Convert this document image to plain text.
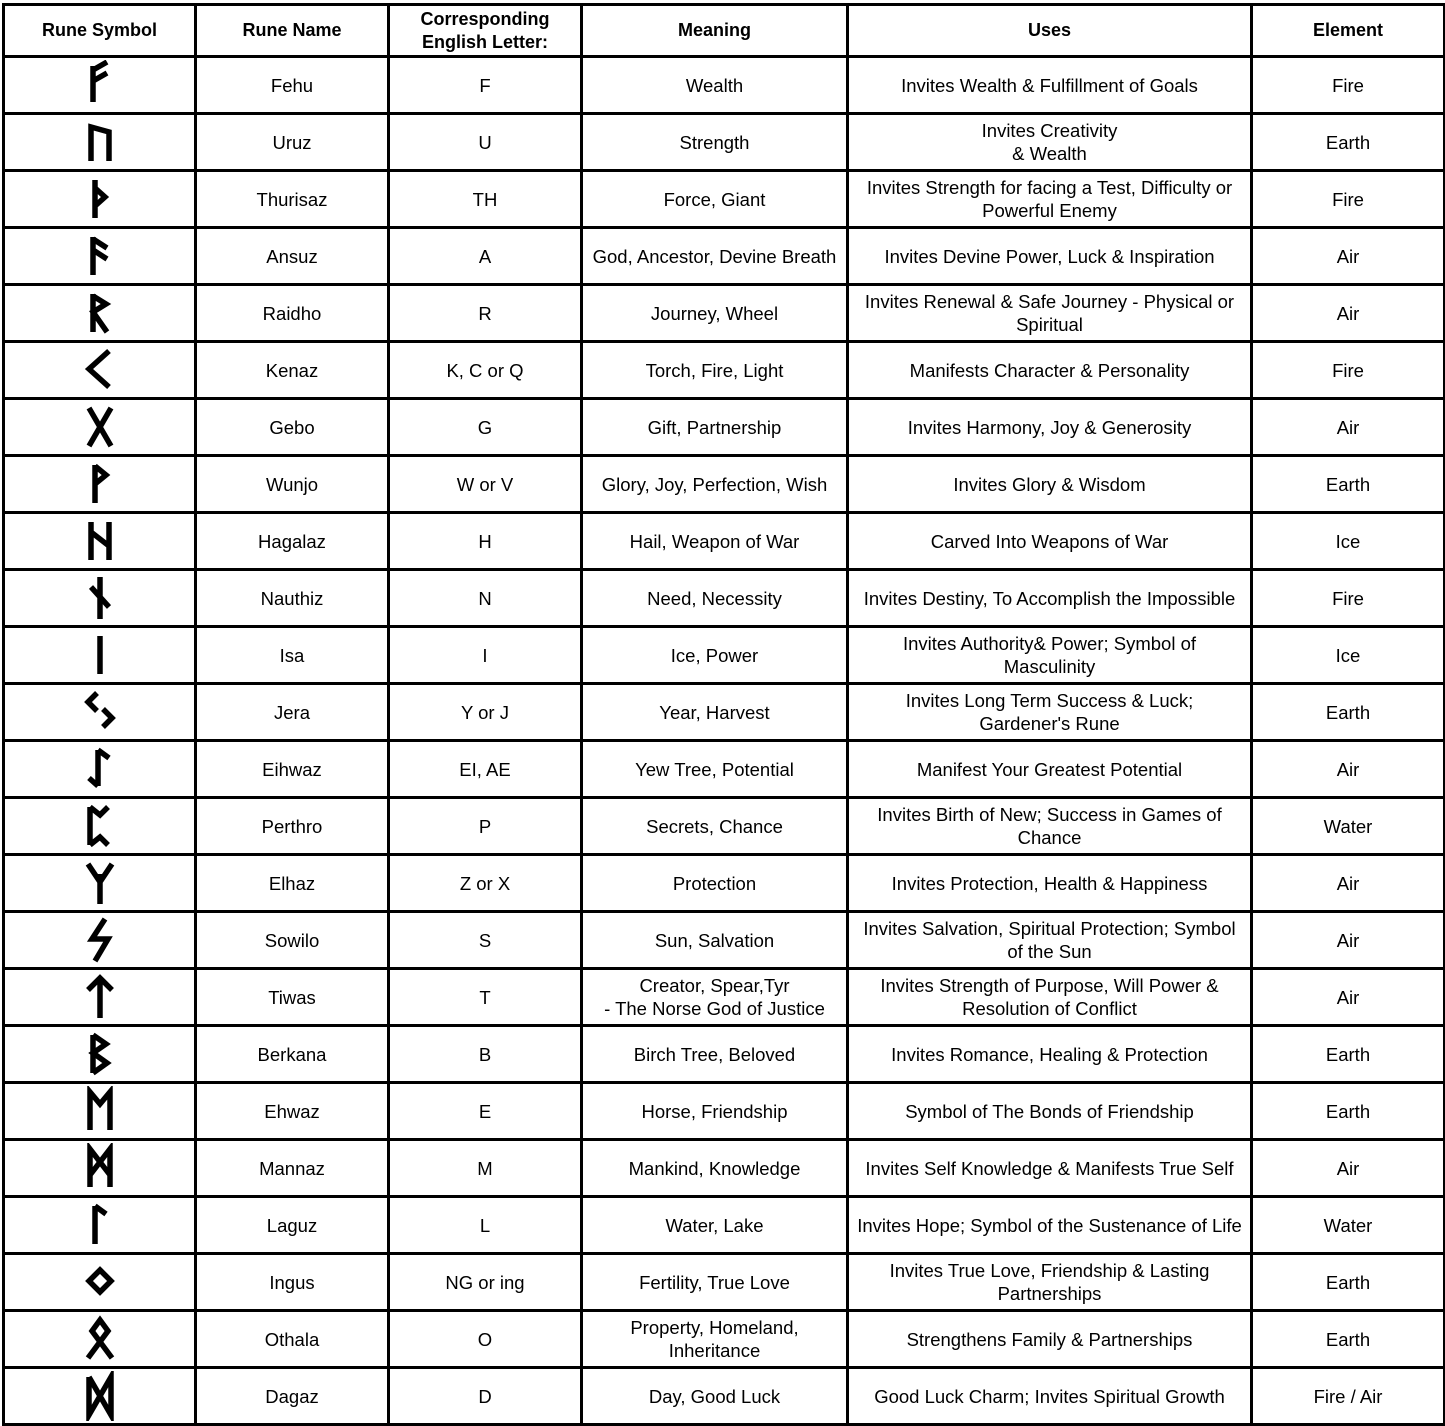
Rune Symbol	Rune Name	Corresponding
English Letter:	Meaning	Uses	Element

	Fehu	F	Wealth	Invites Wealth & Fulfillment of Goals	Fire

	Uruz	U	Strength	Invites Creativity
& Wealth	Earth

	Thurisaz	TH	Force, Giant	Invites Strength for facing a Test, Difficulty or
Powerful Enemy	Fire

	Ansuz	A	God, Ancestor, Devine Breath	Invites Devine Power, Luck & Inspiration	Air

	Raidho	R	Journey, Wheel	Invites Renewal & Safe Journey - Physical or
Spiritual	Air

	Kenaz	K, C or Q	Torch, Fire, Light	Manifests Character & Personality	Fire

	Gebo	G	Gift, Partnership	Invites Harmony, Joy & Generosity	Air

	Wunjo	W or V	Glory, Joy, Perfection, Wish	Invites Glory & Wisdom	Earth

	Hagalaz	H	Hail, Weapon of War	Carved Into Weapons of War	Ice

	Nauthiz	N	Need, Necessity	Invites Destiny, To Accomplish the Impossible	Fire

	Isa	I	Ice, Power	Invites Authority& Power; Symbol of
Masculinity	Ice

	Jera	Y or J	Year, Harvest	Invites Long Term Success & Luck;
Gardener's Rune	Earth

	Eihwaz	EI, AE	Yew Tree, Potential	Manifest Your Greatest Potential	Air

	Perthro	P	Secrets, Chance	Invites Birth of New; Success in Games of
Chance	Water

	Elhaz	Z or X	Protection	Invites Protection, Health & Happiness	Air

	Sowilo	S	Sun, Salvation	Invites Salvation, Spiritual Protection; Symbol
of the Sun	Air

	Tiwas	T	Creator, Spear,Tyr
- The Norse God of Justice	Invites Strength of Purpose, Will Power &
Resolution of Conflict	Air

	Berkana	B	Birch Tree, Beloved	Invites Romance, Healing & Protection	Earth

	Ehwaz	E	Horse, Friendship	Symbol of The Bonds of Friendship	Earth

	Mannaz	M	Mankind, Knowledge	Invites Self Knowledge & Manifests True Self	Air

	Laguz	L	Water, Lake	Invites Hope; Symbol of the Sustenance of Life	Water

	Ingus	NG or ing	Fertility, True Love	Invites True Love, Friendship & Lasting
Partnerships	Earth

	Othala	O	Property, Homeland,
Inheritance	Strengthens Family & Partnerships	Earth

	Dagaz	D	Day, Good Luck	Good Luck Charm; Invites Spiritual Growth	Fire / Air
